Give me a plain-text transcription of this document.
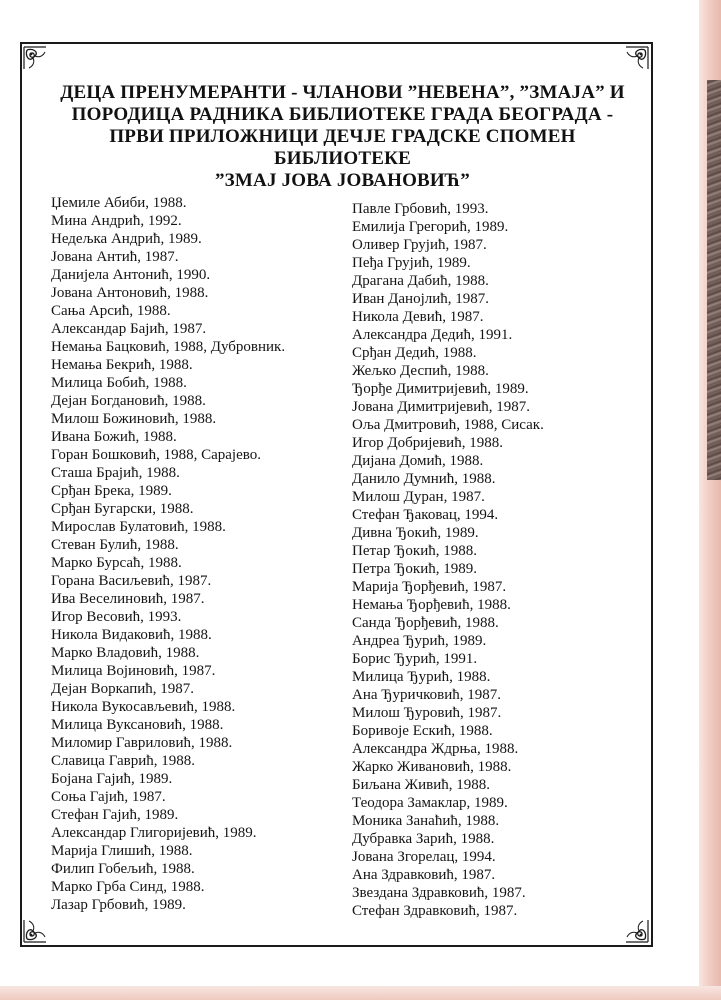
ДЕЦА ПРЕНУМЕРАНТИ - ЧЛАНОВИ ”НЕВЕНА”, ”ЗМАЈА” И
ПОРОДИЦА РАДНИКА БИБЛИОТЕКЕ ГРАДА БЕОГРАДА -
ПРВИ ПРИЛОЖНИЦИ ДЕЧЈЕ ГРАДСКЕ СПОМЕН БИБЛИОТЕКЕ
”ЗМАЈ ЈОВА ЈОВАНОВИЋ”
Џемиле Абиби, 1988.
Мина Андрић, 1992.
Недељка Андрић, 1989.
Јована Антић, 1987.
Данијела Антонић, 1990.
Јована Антоновић, 1988.
Сања Арсић, 1988.
Александар Бајић, 1987.
Немања Бацковић, 1988, Дубровник.
Немања Бекрић, 1988.
Милица Бобић, 1988.
Дејан Богдановић, 1988.
Милош Божиновић, 1988.
Ивана Божић, 1988.
Горан Бошковић, 1988, Сарајево.
Сташа Брајић, 1988.
Срђан Брека, 1989.
Срђан Бугарски, 1988.
Мирослав Булатовић, 1988.
Стеван Булић, 1988.
Марко Бурсаћ, 1988.
Горана Васиљевић, 1987.
Ива Веселиновић, 1987.
Игор Весовић, 1993.
Никола Видаковић, 1988.
Марко Владовић, 1988.
Милица Војиновић, 1987.
Дејан Воркапић, 1987.
Никола Вукосављевић, 1988.
Милица Вуксановић, 1988.
Миломир Гавриловић, 1988.
Славица Гаврић, 1988.
Бојана Гајић, 1989.
Соња Гајић, 1987.
Стефан Гајић, 1989.
Александар Глигоријевић, 1989.
Марија Глишић, 1988.
Филип Гобељић, 1988.
Марко Грба Синд, 1988.
Лазар Грбовић, 1989.
Павле Грбовић, 1993.
Емилија Грегорић, 1989.
Оливер Грујић, 1987.
Пеђа Грујић, 1989.
Драгана Дабић, 1988.
Иван Данојлић, 1987.
Никола Девић, 1987.
Александра Дедић, 1991.
Срђан Дедић, 1988.
Жељко Деспић, 1988.
Ђорђе Димитријевић, 1989.
Јована Димитријевић, 1987.
Оља Дмитровић, 1988, Сисак.
Игор Добријевић, 1988.
Дијана Домић, 1988.
Данило Думнић, 1988.
Милош Дуран, 1987.
Стефан Ђаковац, 1994.
Дивна Ђокић, 1989.
Петар Ђокић, 1988.
Петра Ђокић, 1989.
Марија Ђорђевић, 1987.
Немања Ђорђевић, 1988.
Санда Ђорђевић, 1988.
Андреа Ђурић, 1989.
Борис Ђурић, 1991.
Милица Ђурић, 1988.
Ана Ђуричковић, 1987.
Милош Ђуровић, 1987.
Боривоје Ескић, 1988.
Александра Ждрња, 1988.
Жарко Живановић, 1988.
Биљана Живић, 1988.
Теодора Замаклар, 1989.
Моника Занаћић, 1988.
Дубравка Зарић, 1988.
Јована Згорелац, 1994.
Ана Здравковић, 1987.
Звездана Здравковић, 1987.
Стефан Здравковић, 1987.
